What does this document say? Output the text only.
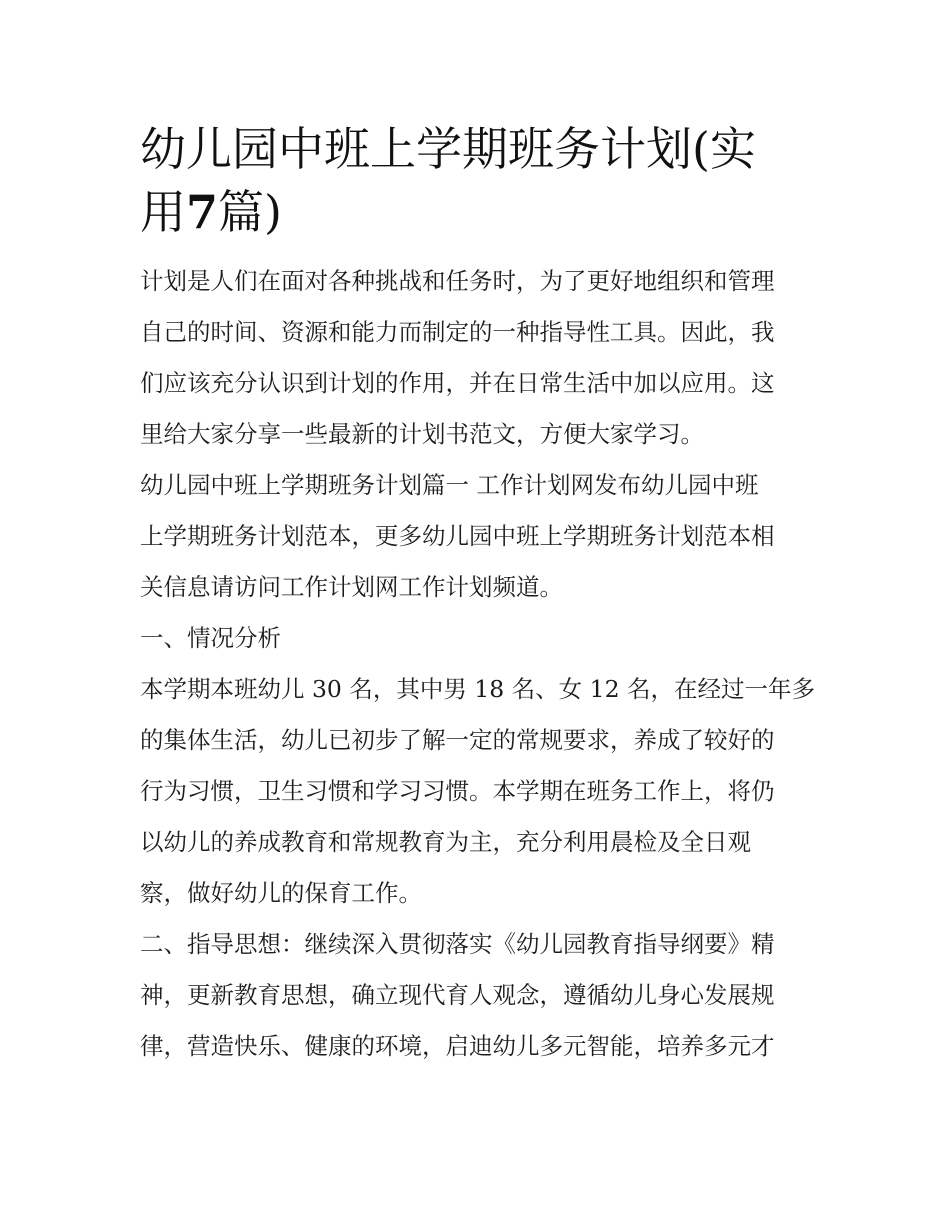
幼儿园中班上学期班务计划(实
用7篇)

计划是人们在面对各种挑战和任务时，为了更好地组织和管理
自己的时间、资源和能力而制定的一种指导性工具。因此，我
们应该充分认识到计划的作用，并在日常生活中加以应用。这
里给大家分享一些最新的计划书范文，方便大家学习。

幼儿园中班上学期班务计划篇一 工作计划网发布幼儿园中班
上学期班务计划范本，更多幼儿园中班上学期班务计划范本相
关信息请访问工作计划网工作计划频道。

一、情况分析

本学期本班幼儿 30 名，其中男 18 名、女 12 名，在经过一年多
的集体生活，幼儿已初步了解一定的常规要求，养成了较好的
行为习惯，卫生习惯和学习习惯。本学期在班务工作上，将仍
以幼儿的养成教育和常规教育为主，充分利用晨检及全日观
察，做好幼儿的保育工作。

二、指导思想：继续深入贯彻落实《幼儿园教育指导纲要》精
神，更新教育思想，确立现代育人观念，遵循幼儿身心发展规
律，营造快乐、健康的环境，启迪幼儿多元智能，培养多元才
